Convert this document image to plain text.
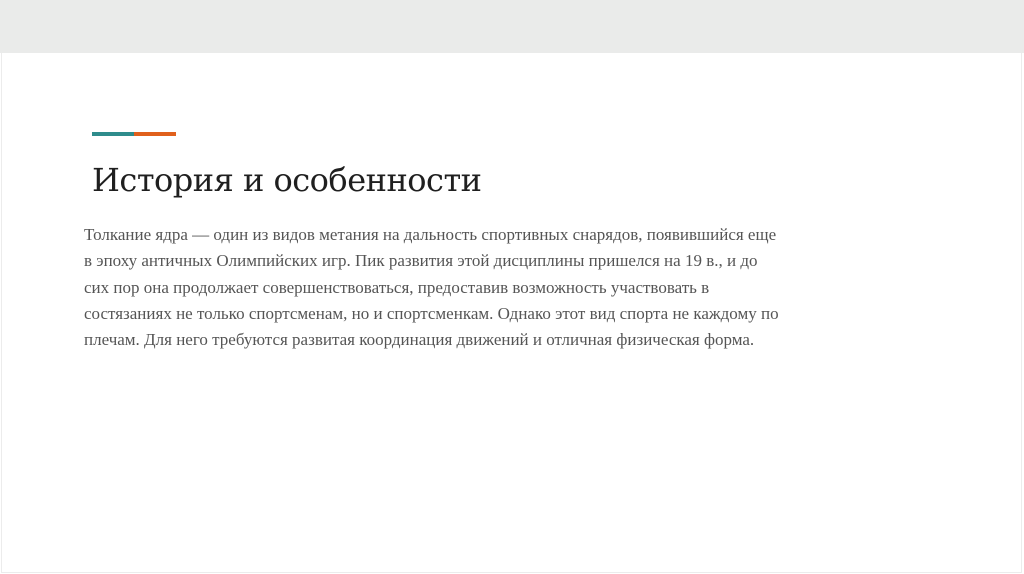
История и особенности

Толкание ядра — один из видов метания на дальность спортивных снарядов, появившийся еще
в эпоху античных Олимпийских игр. Пик развития этой дисциплины пришелся на 19 в., и до
сих пор она продолжает совершенствоваться, предоставив возможность участвовать в
состязаниях не только спортсменам, но и спортсменкам. Однако этот вид спорта не каждому по
плечам. Для него требуются развитая координация движений и отличная физическая форма.
